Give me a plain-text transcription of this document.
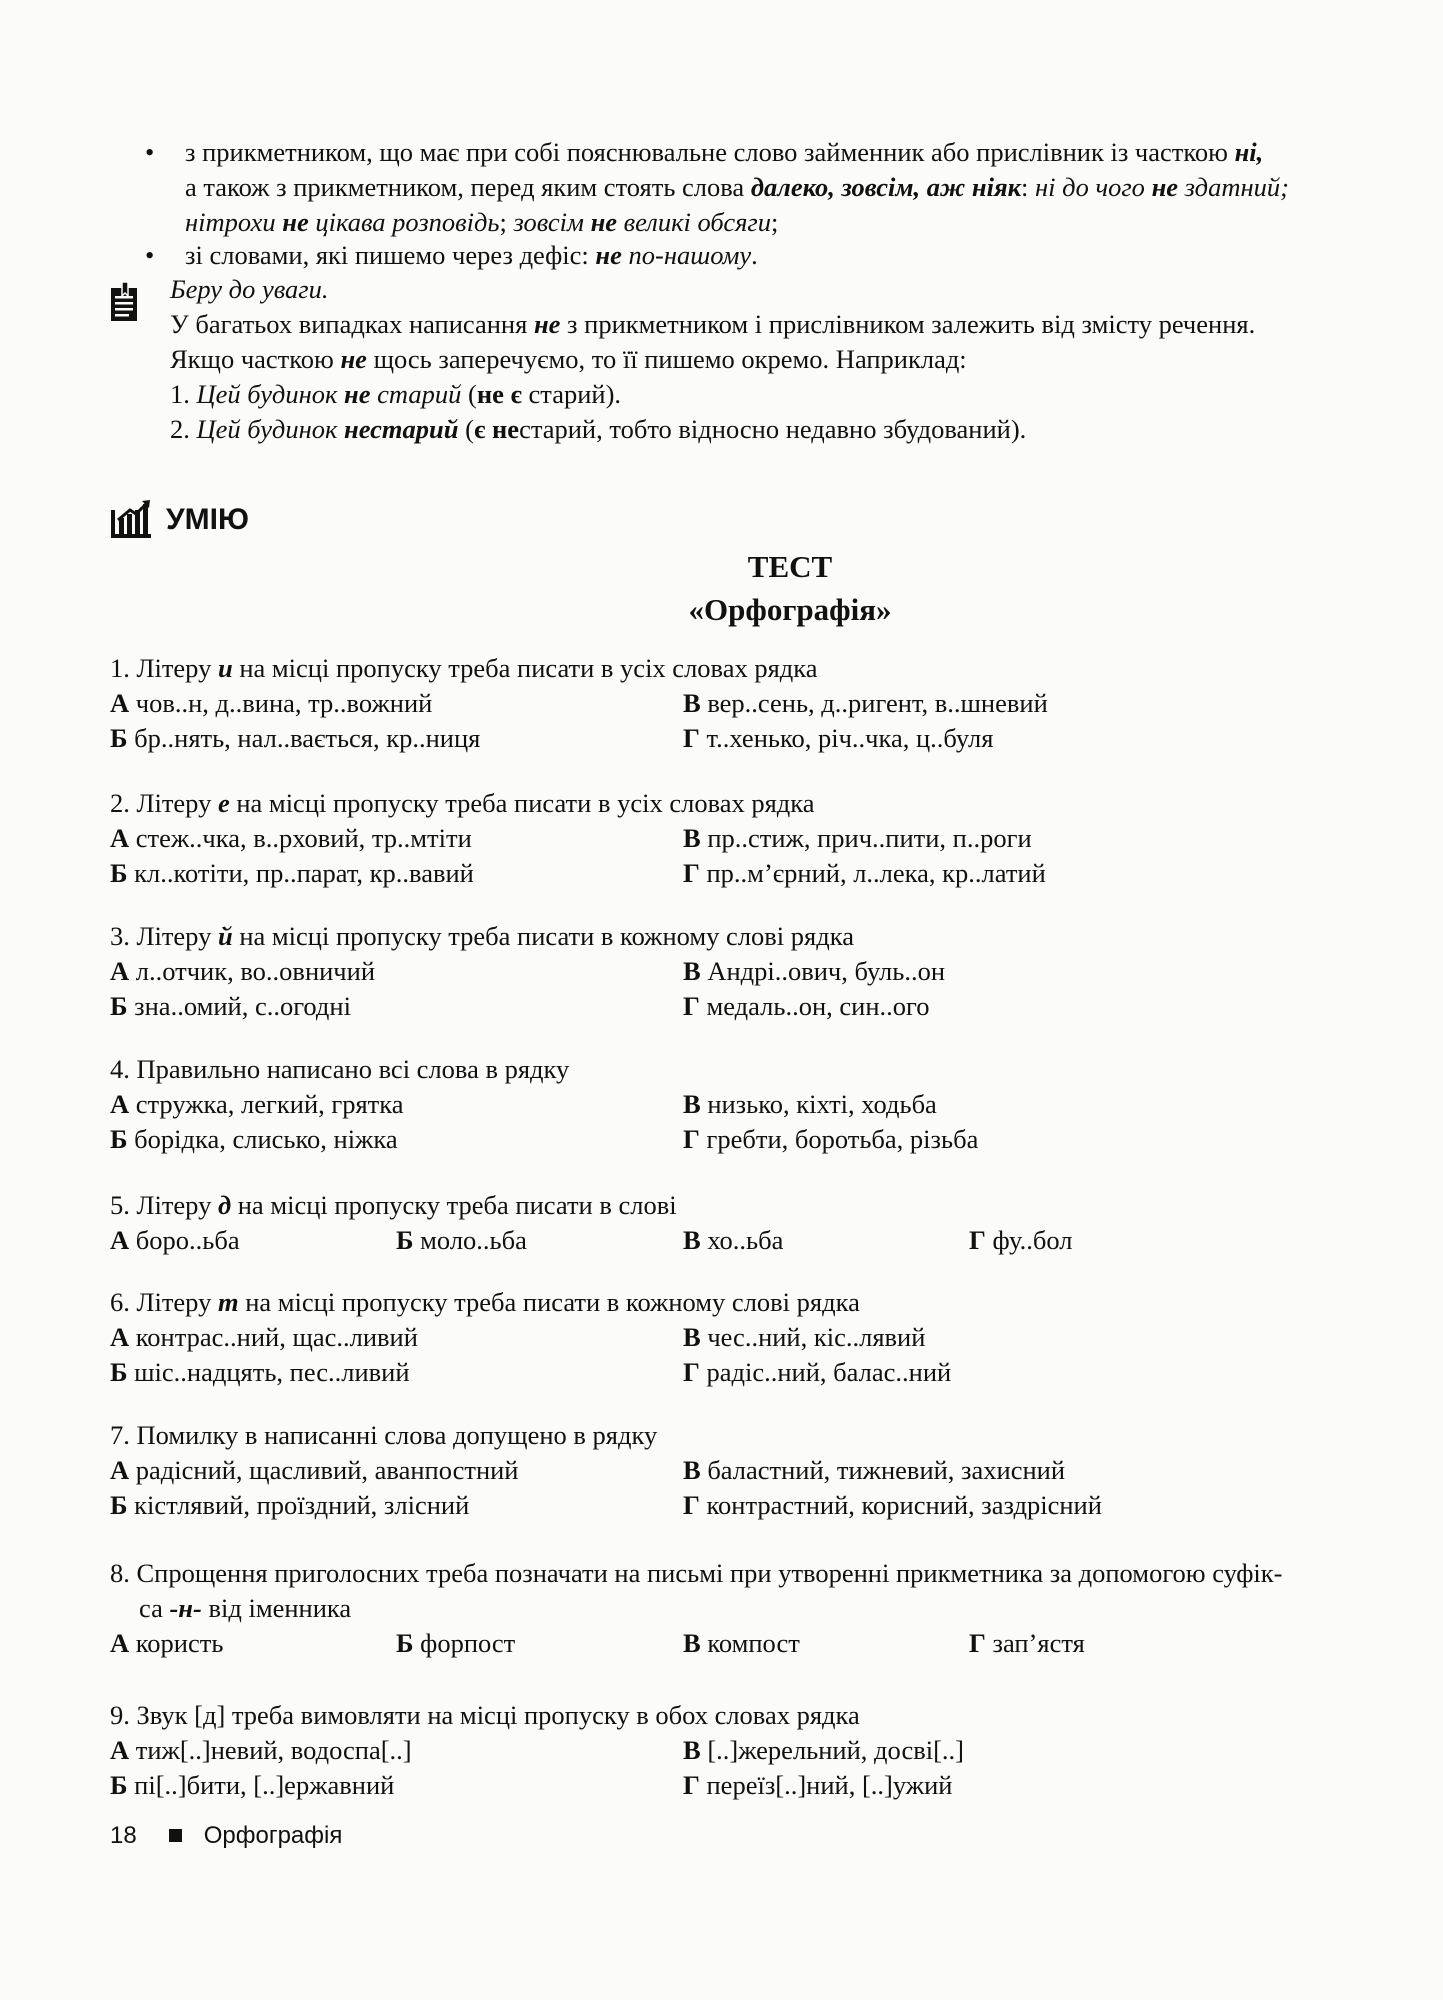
• з прикметником, що має при собі пояснювальне слово займенник або прислівник із часткою ні,
а також з прикметником, перед яким стоять слова далеко, зовсім, аж ніяк: ні до чого не здатний;
нітрохи не цікава розповідь; зовсім не великі обсяги;
• зі словами, які пишемо через дефіс: не по-нашому.
Беру до уваги.
У багатьох випадках написання не з прикметником і прислівником залежить від змісту речення.
Якщо часткою не щось заперечуємо, то її пишемо окремо. Наприклад:
1. Цей будинок не старий (не є старий).
2. Цей будинок нестарий (є нестарий, тобто відносно недавно збудований).
УМІЮ
ТЕСТ
«Орфографія»
1. Літеру и на місці пропуску треба писати в усіх словах рядка
А чов..н, д..вина, тр..вожний	В вер..сень, д..ригент, в..шневий
Б бр..нять, нал..вається, кр..ниця	Г т..хенько, річ..чка, ц..буля
2. Літеру е на місці пропуску треба писати в усіх словах рядка
А стеж..чка, в..рховий, тр..мтіти	В пр..стиж, прич..пити, п..роги
Б кл..котіти, пр..парат, кр..вавий	Г пр..м’єрний, л..лека, кр..латий
3. Літеру й на місці пропуску треба писати в кожному слові рядка
А л..отчик, во..овничий	В Андрі..ович, буль..он
Б зна..омий, с..огодні	Г медаль..он, син..ого
4. Правильно написано всі слова в рядку
А стружка, легкий, грятка	В низько, кіхті, ходьба
Б борідка, слисько, ніжка	Г гребти, боротьба, різьба
5. Літеру д на місці пропуску треба писати в слові
А боро..ьба	Б моло..ьба	В хо..ьба	Г фу..бол
6. Літеру т на місці пропуску треба писати в кожному слові рядка
А контрас..ний, щас..ливий	В чес..ний, кіс..лявий
Б шіс..надцять, пес..ливий	Г радіс..ний, балас..ний
7. Помилку в написанні слова допущено в рядку
А радісний, щасливий, аванпостний	В баластний, тижневий, захисний
Б кістлявий, проїздний, злісний	Г контрастний, корисний, заздрісний
8. Спрощення приголосних треба позначати на письмі при утворенні прикметника за допомогою суфік-
са -н- від іменника
А користь	Б форпост	В компост	Г зап’ястя
9. Звук [д] треба вимовляти на місці пропуску в обох словах рядка
А тиж[..]невий, водоспа[..]	В [..]жерельний, досві[..]
Б пі[..]бити, [..]ержавний	Г переїз[..]ний, [..]ужий
18	Орфографія
